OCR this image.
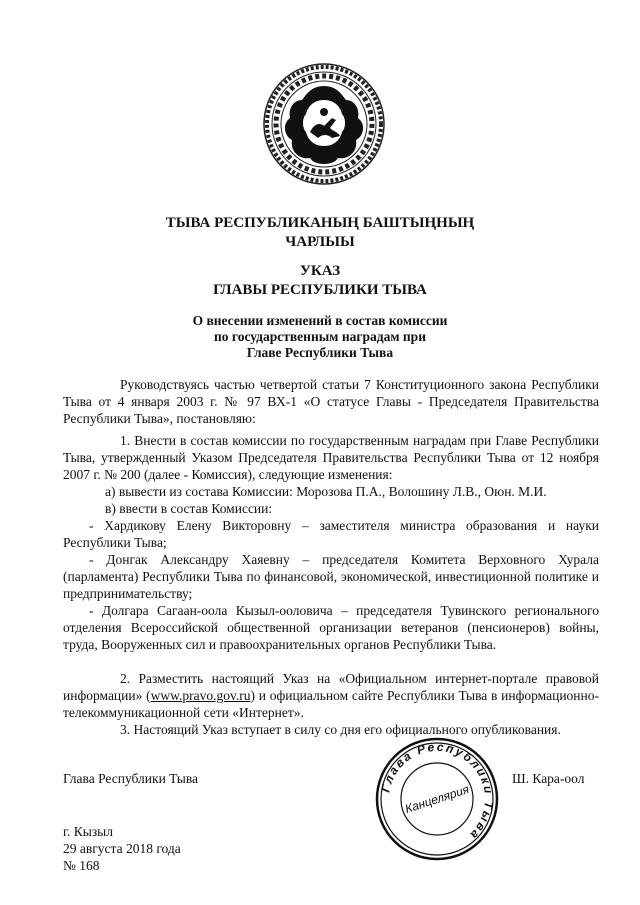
ТЫВА РЕСПУБЛИКАНЫҢ БАШТЫҢНЫҢ
ЧАРЛЫЫ
УКАЗ
ГЛАВЫ РЕСПУБЛИКИ ТЫВА
О внесении изменений в состав комиссии
по государственным наградам при
Главе Республики Тыва
Руководствуясь частью четвертой статьи 7 Конституционного закона Республики Тыва от 4 января 2003 г. № 97 ВХ-1 «О статусе Главы - Председателя Правительства Республики Тыва», постановляю:
1. Внести в состав комиссии по государственным наградам при Главе Республики Тыва, утвержденный Указом Председателя Правительства Республики Тыва от 12 ноября 2007 г. № 200 (далее - Комиссия), следующие изменения:
а) вывести из состава Комиссии: Морозова П.А., Волошину Л.В., Оюн. М.И.
в) ввести в состав Комиссии:
- Хардикову Елену Викторовну – заместителя министра образования и науки Республики Тыва;
- Донгак Александру Хаяевну – председателя Комитета Верховного Хурала (парламента) Республики Тыва по финансовой, экономической, инвестиционной политике и предпринимательству;
- Долгара Сагаан-оола Кызыл-ооловича – председателя Тувинского регионального отделения Всероссийской общественной организации ветеранов (пенсионеров) войны, труда, Вооруженных сил и правоохранительных органов Республики Тыва.
2. Разместить настоящий Указ на «Официальном интернет-портале правовой информации» (www.pravo.gov.ru) и официальном сайте Республики Тыва в информационно-телекоммуникационной сети «Интернет».
3. Настоящий Указ вступает в силу со дня его официального опубликования.
Глава Республики Тыва
Глава Республики Тыва
Канцелярия
Ш. Кара-оол
г. Кызыл
29 августа 2018 года
№ 168
